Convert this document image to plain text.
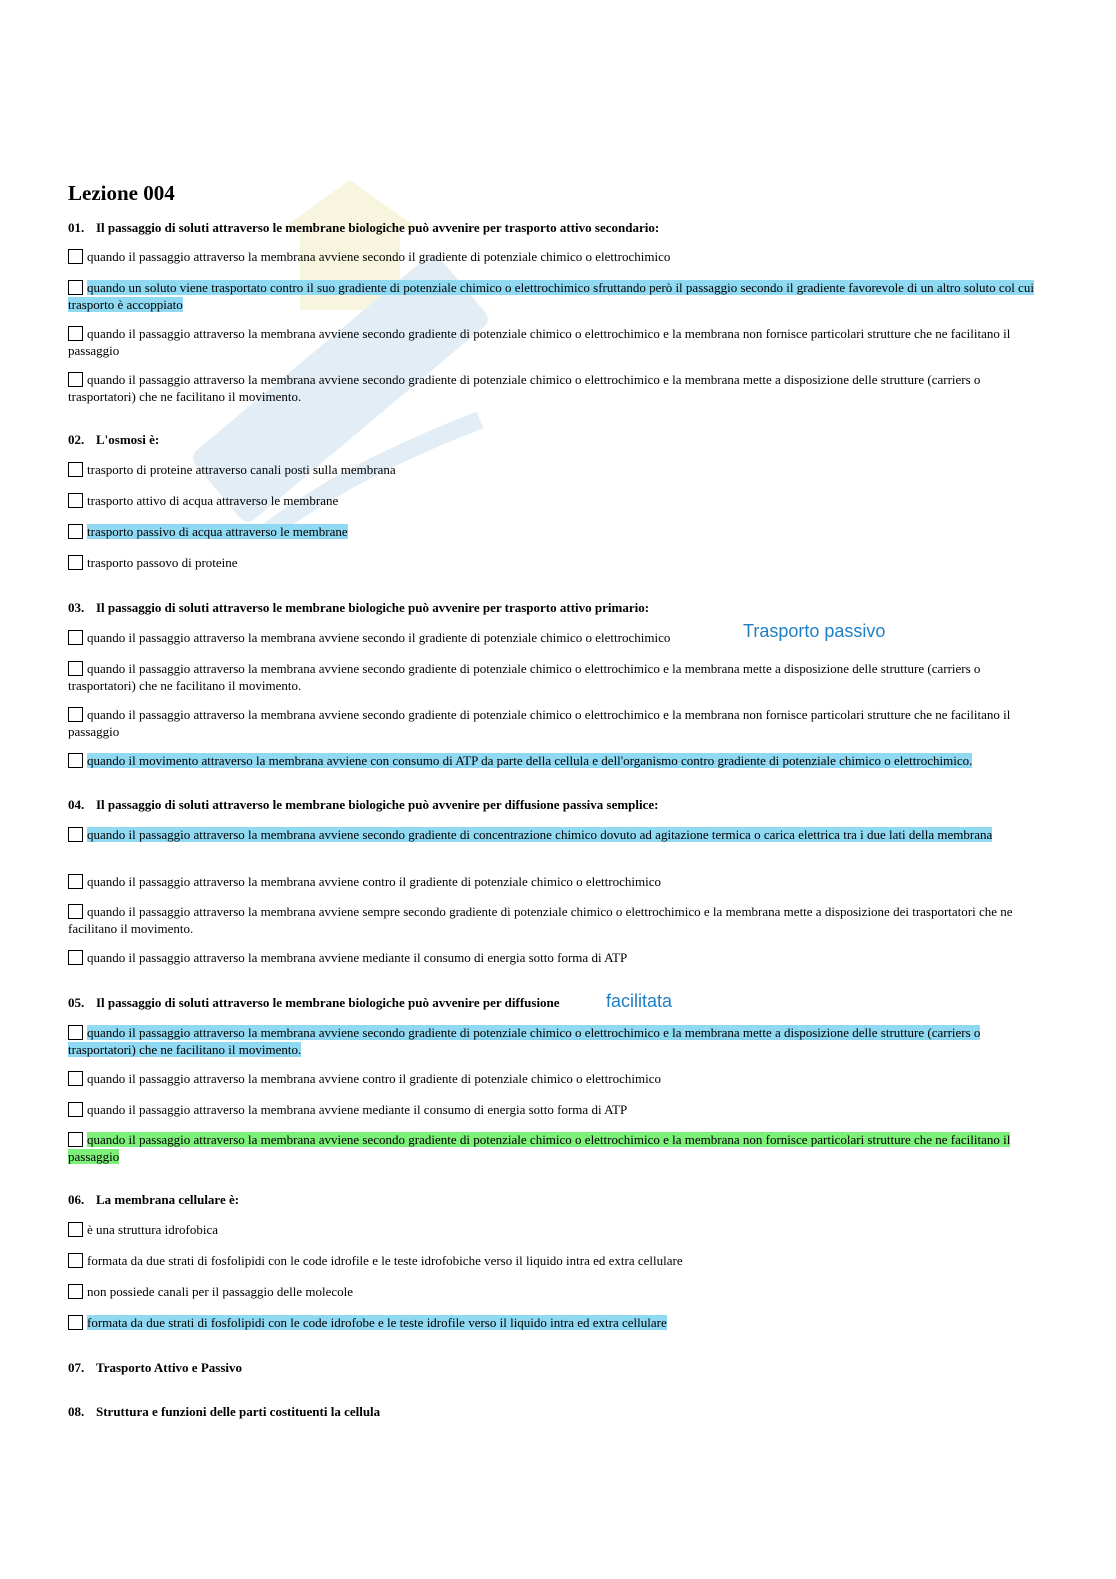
Lezione 004
01. Il passaggio di soluti attraverso le membrane biologiche può avvenire per trasporto attivo secondario:
quando il passaggio attraverso la membrana avviene secondo il gradiente di potenziale chimico o elettrochimico
quando un soluto viene trasportato contro il suo gradiente di potenziale chimico o elettrochimico sfruttando però il passaggio secondo il gradiente favorevole di un altro soluto col cui trasporto è accoppiato
quando il passaggio attraverso la membrana avviene secondo gradiente di potenziale chimico o elettrochimico e la membrana non fornisce particolari strutture che ne facilitano il passaggio
quando il passaggio attraverso la membrana avviene secondo gradiente di potenziale chimico o elettrochimico e la membrana mette a disposizione delle strutture (carriers o trasportatori) che ne facilitano il movimento.
02. L'osmosi è:
trasporto di proteine attraverso canali posti sulla membrana
trasporto attivo di acqua attraverso le membrane
trasporto passivo di acqua attraverso le membrane
trasporto passovo di proteine
03. Il passaggio di soluti attraverso le membrane biologiche può avvenire per trasporto attivo primario:
quando il passaggio attraverso la membrana avviene secondo il gradiente di potenziale chimico o elettrochimico	Trasporto passivo
quando il passaggio attraverso la membrana avviene secondo gradiente di potenziale chimico o elettrochimico e la membrana mette a disposizione delle strutture (carriers o trasportatori) che ne facilitano il movimento.
quando il passaggio attraverso la membrana avviene secondo gradiente di potenziale chimico o elettrochimico e la membrana non fornisce particolari strutture che ne facilitano il passaggio
quando il movimento attraverso la membrana avviene con consumo di ATP da parte della cellula e dell'organismo contro gradiente di potenziale chimico o elettrochimico.
04. Il passaggio di soluti attraverso le membrane biologiche può avvenire per diffusione passiva semplice:
quando il passaggio attraverso la membrana avviene secondo gradiente di concentrazione chimico dovuto ad agitazione termica o carica elettrica tra i due lati della membrana
quando il passaggio attraverso la membrana avviene contro il gradiente di potenziale chimico o elettrochimico
quando il passaggio attraverso la membrana avviene sempre secondo gradiente di potenziale chimico o elettrochimico e la membrana mette a disposizione dei trasportatori che ne facilitano il movimento.
quando il passaggio attraverso la membrana avviene mediante il consumo di energia sotto forma di ATP
05. Il passaggio di soluti attraverso le membrane biologiche può avvenire per diffusione	facilitata
quando il passaggio attraverso la membrana avviene secondo gradiente di potenziale chimico o elettrochimico e la membrana mette a disposizione delle strutture (carriers o trasportatori) che ne facilitano il movimento.
quando il passaggio attraverso la membrana avviene contro il gradiente di potenziale chimico o elettrochimico
quando il passaggio attraverso la membrana avviene mediante il consumo di energia sotto forma di ATP
quando il passaggio attraverso la membrana avviene secondo gradiente di potenziale chimico o elettrochimico e la membrana non fornisce particolari strutture che ne facilitano il passaggio
06. La membrana cellulare è:
è una struttura idrofobica
formata da due strati di fosfolipidi con le code idrofile e le teste idrofobiche verso il liquido intra ed extra cellulare
non possiede canali per il passaggio delle molecole
formata da due strati di fosfolipidi con le code idrofobe e le teste idrofile verso il liquido intra ed extra cellulare
07. Trasporto Attivo e Passivo
08. Struttura e funzioni delle parti costituenti la cellula
